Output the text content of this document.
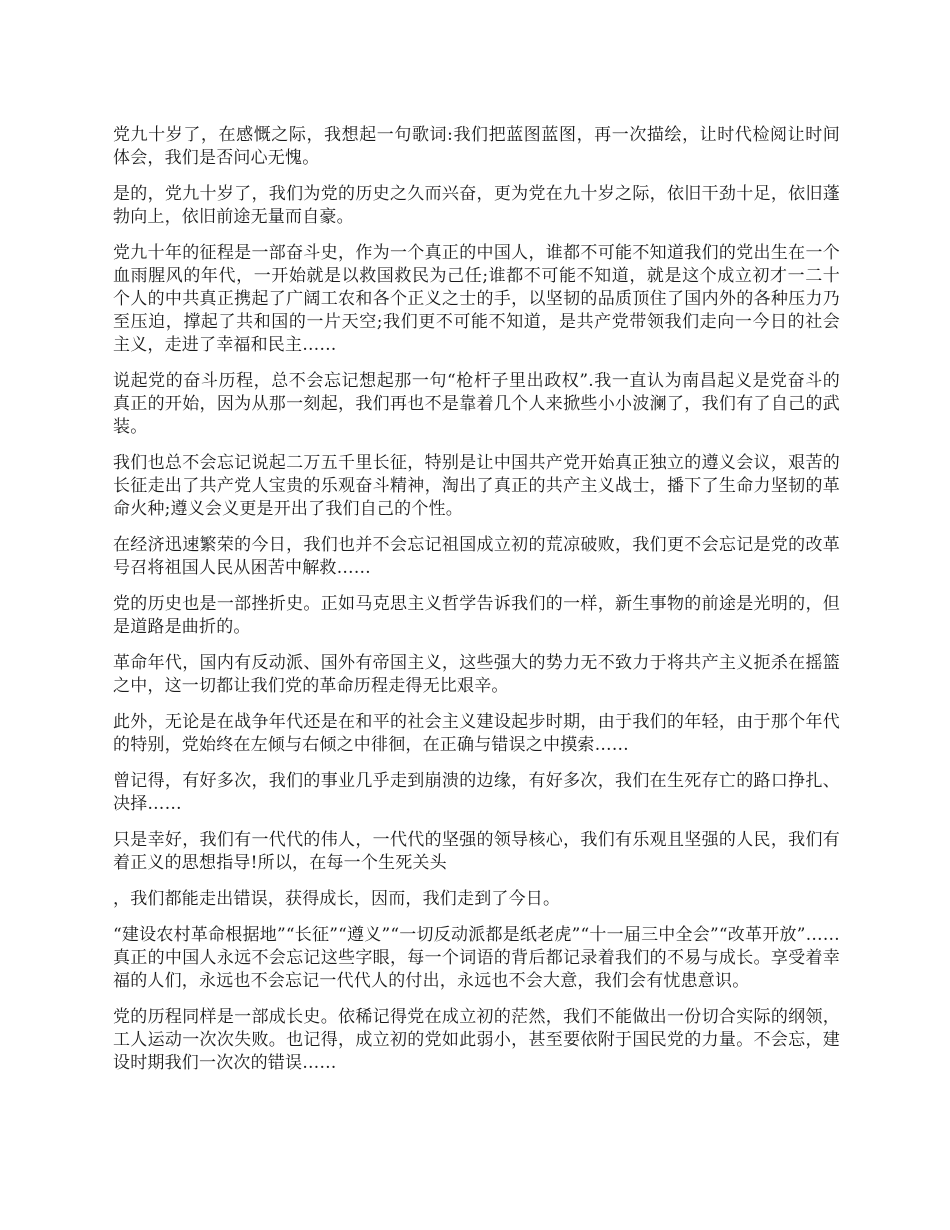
党九十岁了，在感慨之际，我想起一句歌词:我们把蓝图蓝图，再一次描绘，让时代检阅让时间体会，我们是否问心无愧。

是的，党九十岁了，我们为党的历史之久而兴奋，更为党在九十岁之际，依旧干劲十足，依旧蓬勃向上，依旧前途无量而自豪。

党九十年的征程是一部奋斗史，作为一个真正的中国人，谁都不可能不知道我们的党出生在一个血雨腥风的年代，一开始就是以救国救民为己任;谁都不可能不知道，就是这个成立初才一二十个人的中共真正携起了广阔工农和各个正义之士的手，以坚韧的品质顶住了国内外的各种压力乃至压迫，撑起了共和国的一片天空;我们更不可能不知道，是共产党带领我们走向一今日的社会主义，走进了幸福和民主……

说起党的奋斗历程，总不会忘记想起那一句“枪杆子里出政权”.我一直认为南昌起义是党奋斗的真正的开始，因为从那一刻起，我们再也不是靠着几个人来掀些小小波澜了，我们有了自己的武装。

我们也总不会忘记说起二万五千里长征，特别是让中国共产党开始真正独立的遵义会议，艰苦的长征走出了共产党人宝贵的乐观奋斗精神，淘出了真正的共产主义战士，播下了生命力坚韧的革命火种;遵义会义更是开出了我们自己的个性。

在经济迅速繁荣的今日，我们也并不会忘记祖国成立初的荒凉破败，我们更不会忘记是党的改革号召将祖国人民从困苦中解救……

党的历史也是一部挫折史。正如马克思主义哲学告诉我们的一样，新生事物的前途是光明的，但是道路是曲折的。

革命年代，国内有反动派、国外有帝国主义，这些强大的势力无不致力于将共产主义扼杀在摇篮之中，这一切都让我们党的革命历程走得无比艰辛。

此外，无论是在战争年代还是在和平的社会主义建设起步时期，由于我们的年轻，由于那个年代的特别，党始终在左倾与右倾之中徘徊，在正确与错误之中摸索……

曾记得，有好多次，我们的事业几乎走到崩溃的边缘，有好多次，我们在生死存亡的路口挣扎、决择……

只是幸好，我们有一代代的伟人，一代代的坚强的领导核心，我们有乐观且坚强的人民，我们有着正义的思想指导!所以，在每一个生死关头

，我们都能走出错误，获得成长，因而，我们走到了今日。

“建设农村革命根据地”“长征”“遵义”“一切反动派都是纸老虎”“十一届三中全会”“改革开放”……真正的中国人永远不会忘记这些字眼，每一个词语的背后都记录着我们的不易与成长。享受着幸福的人们，永远也不会忘记一代代人的付出，永远也不会大意，我们会有忧患意识。

党的历程同样是一部成长史。依稀记得党在成立初的茫然，我们不能做出一份切合实际的纲领，工人运动一次次失败。也记得，成立初的党如此弱小，甚至要依附于国民党的力量。不会忘，建设时期我们一次次的错误……
